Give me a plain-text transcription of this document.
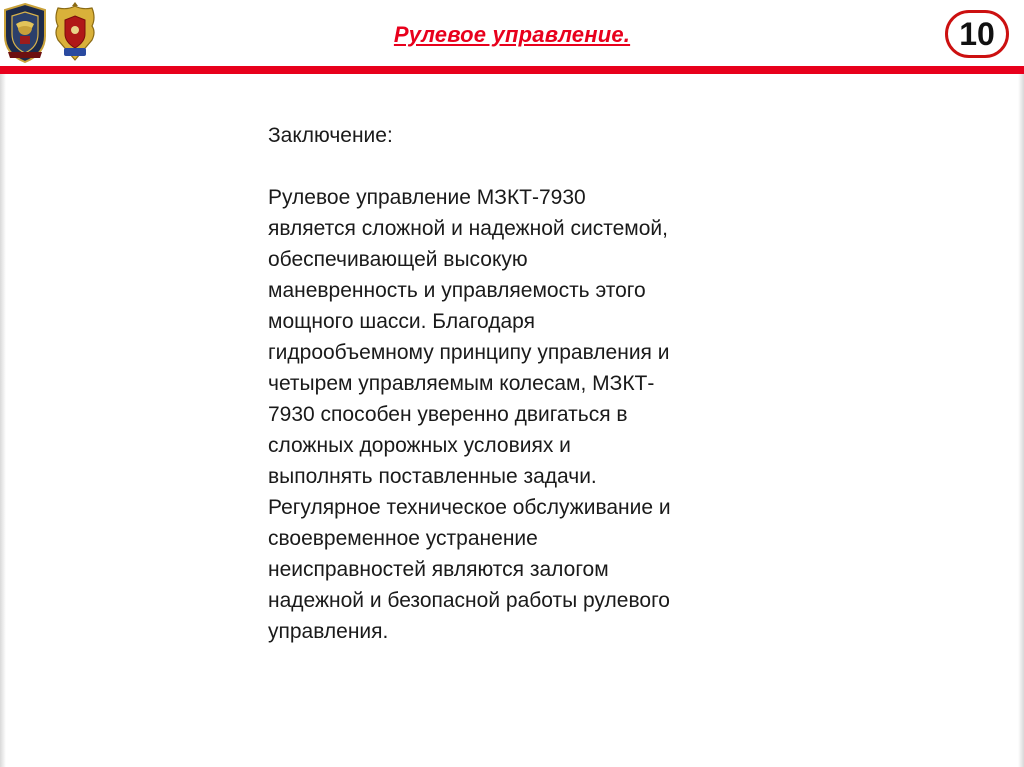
Рулевое управление.	10

Заключение:

Рулевое управление МЗКТ-7930

является сложной и надежной системой,

обеспечивающей высокую

маневренность и управляемость этого

мощного шасси. Благодаря

гидрообъемному принципу управления и

четырем управляемым колесам, МЗКТ-

7930 способен уверенно двигаться в

сложных дорожных условиях и

выполнять поставленные задачи.

Регулярное техническое обслуживание и

своевременное устранение

неисправностей являются залогом

надежной и безопасной работы рулевого

управления.
